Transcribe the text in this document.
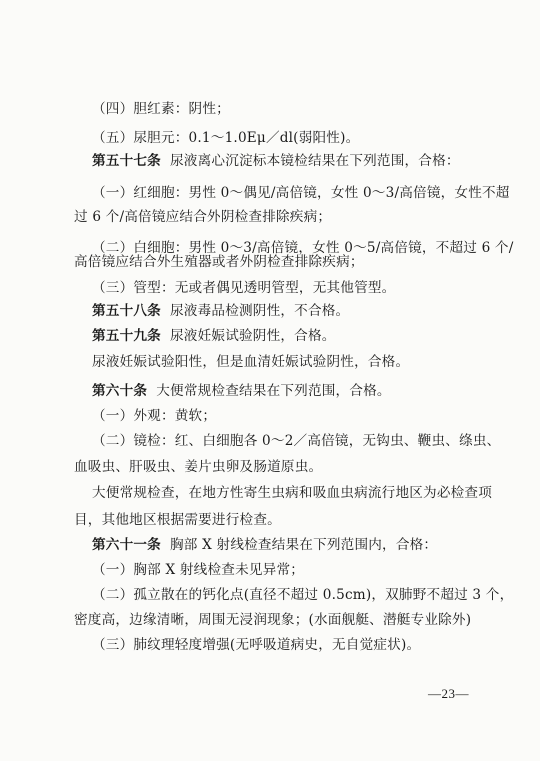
（四）胆红素：阴性；
（五）尿胆元：0.1～1.0Eμ／dl(弱阳性)。
第五十七条 尿液离心沉淀标本镜检结果在下列范围，合格：
（一）红细胞：男性 0～偶见/高倍镜，女性 0～3/高倍镜，女性不超
过 6 个/高倍镜应结合外阴检查排除疾病；
（二）白细胞：男性 0～3/高倍镜，女性 0～5/高倍镜，不超过 6 个/
高倍镜应结合外生殖器或者外阴检查排除疾病；
（三）管型：无或者偶见透明管型，无其他管型。
第五十八条 尿液毒品检测阴性，不合格。
第五十九条 尿液妊娠试验阴性，合格。
尿液妊娠试验阳性，但是血清妊娠试验阴性，合格。
第六十条 大便常规检查结果在下列范围，合格。
（一）外观：黄软；
（二）镜检：红、白细胞各 0～2／高倍镜，无钩虫、鞭虫、绦虫、
血吸虫、肝吸虫、姜片虫卵及肠道原虫。
大便常规检查，在地方性寄生虫病和吸血虫病流行地区为必检查项
目，其他地区根据需要进行检查。
第六十一条 胸部 X 射线检查结果在下列范围内，合格：
（一）胸部 X 射线检查未见异常；
（二）孤立散在的钙化点(直径不超过 0.5cm)，双肺野不超过 3 个，
密度高，边缘清晰，周围无浸润现象；(水面舰艇、潜艇专业除外)
（三）肺纹理轻度增强(无呼吸道病史，无自觉症状)。
—23—
